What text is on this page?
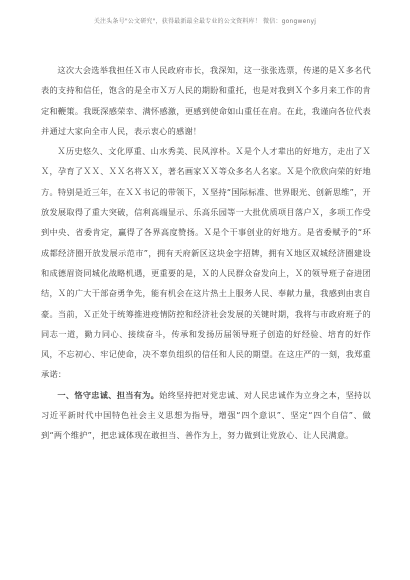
关注头条号"公文研究"，获得最新最全最专业的公文资料库！ 微信：gongwenyj

这次大会选举我担任Ｘ市人民政府市长，我深知，这一张张选票，传递的是Ｘ多名代表的支持和信任，饱含的是全市Ｘ万人民的期盼和重托，也是对我到Ｘ个多月来工作的肯定和鞭策。我既深感荣幸、满怀感激，更感到使命如山重任在肩。在此，我谨向各位代表并通过大家向全市人民，表示衷心的感谢！

Ｘ历史悠久、文化厚重、山水秀美、民风淳朴。Ｘ是个人才辈出的好地方，走出了ＸＸ，孕育了ＸＸ、ＸＸ名将ＸＸ，著名画家ＸＸ等众多名人名家。Ｘ是个欣欣向荣的好地方。特别是近三年，在ＸＸ书记的带领下，Ｘ坚持“国际标准、世界眼光、创新思维”，开放发展取得了重大突破，信利高端显示、乐高乐园等一大批优质项目落户Ｘ，多项工作受到中央、省委肯定，赢得了各界高度赞扬。Ｘ是个干事创业的好地方。是省委赋予的“环成都经济圈开放发展示范市”，拥有天府新区这块金字招牌，拥有Ｘ地区双城经济圈建设和成德眉资同城化战略机遇，更重要的是，Ｘ的人民群众奋发向上，Ｘ的领导班子奋进团结，Ｘ的广大干部奋勇争先，能有机会在这片热土上服务人民、奉献力量，我感到由衷自豪。当前，Ｘ正处于统筹推进疫情防控和经济社会发展的关键时期，我将与市政府班子的同志一道，勤力同心、接续奋斗，传承和发扬历届领导班子创造的好经验、培育的好作风，不忘初心、牢记使命，决不辜负组织的信任和人民的期望。在这庄严的一刻，我郑重承诺：

一、恪守忠诚、担当有为。始终坚持把对党忠诚、对人民忠诚作为立身之本，坚持以习近平新时代中国特色社会主义思想为指导，增强“四个意识”、坚定“四个自信”、做到“两个维护”，把忠诚体现在敢担当、善作为上，努力做到让党放心、让人民满意。
